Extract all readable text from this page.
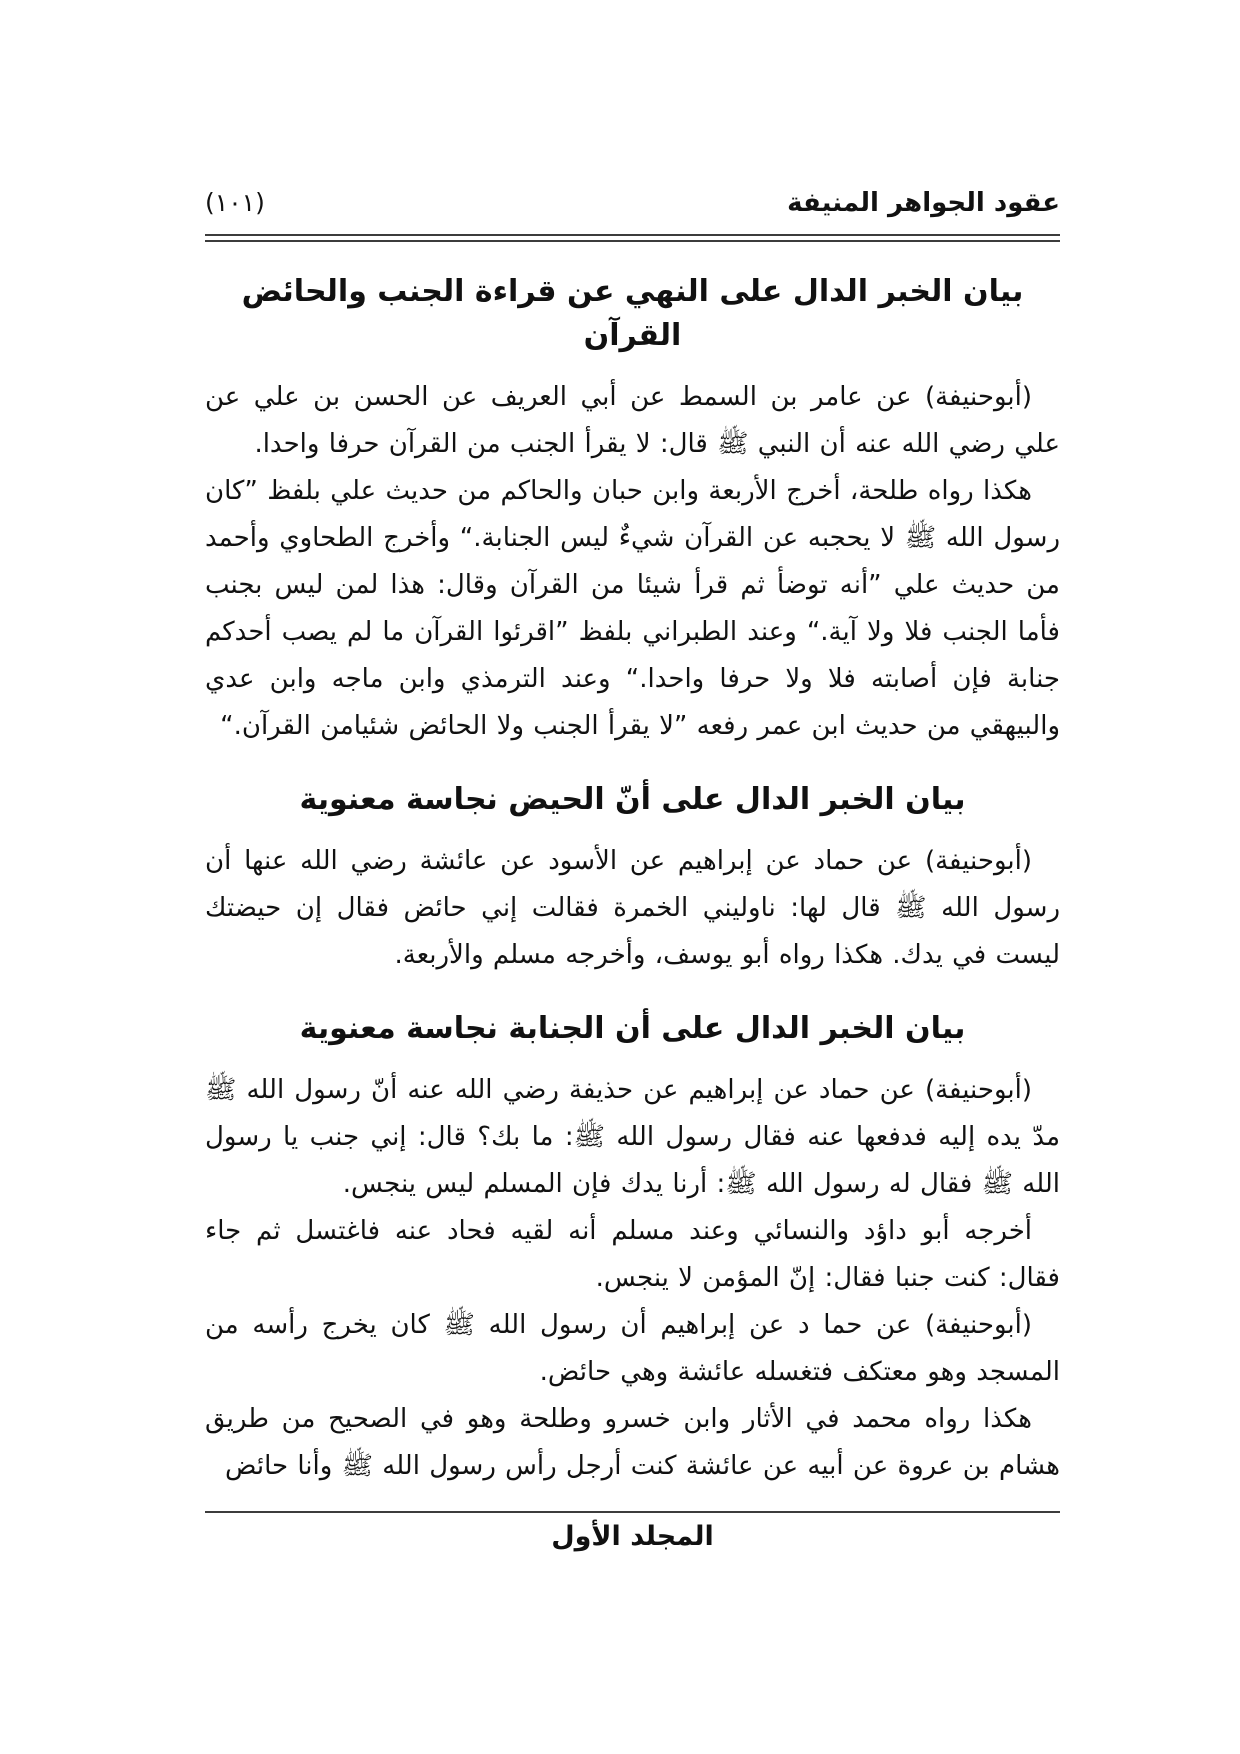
عقود الجواهر المنيفة
(١٠١)
بيان الخبر الدال على النهي عن قراءة الجنب والحائض القرآن

(أبوحنيفة) عن عامر بن السمط عن أبي العريف عن الحسن بن علي عن علي رضي الله عنه أن النبي ﷺ قال: لا يقرأ الجنب من القرآن حرفا واحدا.

هكذا رواه طلحة، أخرج الأربعة وابن حبان والحاكم من حديث علي بلفظ ”كان رسول الله ﷺ لا يحجبه عن القرآن شيءٌ ليس الجنابة.“ وأخرج الطحاوي وأحمد من حديث علي ”أنه توضأ ثم قرأ شيئا من القرآن وقال: هذا لمن ليس بجنب فأما الجنب فلا ولا آية.“ وعند الطبراني بلفظ ”اقرئوا القرآن ما لم يصب أحدكم جنابة فإن أصابته فلا ولا حرفا واحدا.“ وعند الترمذي وابن ماجه وابن عدي والبيهقي من حديث ابن عمر رفعه ”لا يقرأ الجنب ولا الحائض شئيامن القرآن.“

بيان الخبر الدال على أنّ الحيض نجاسة معنوية

(أبوحنيفة) عن حماد عن إبراهيم عن الأسود عن عائشة رضي الله عنها أن رسول الله ﷺ قال لها: ناوليني الخمرة فقالت إني حائض فقال إن حيضتك ليست في يدك. هكذا رواه أبو يوسف، وأخرجه مسلم والأربعة.

بيان الخبر الدال على أن الجنابة نجاسة معنوية

(أبوحنيفة) عن حماد عن إبراهيم عن حذيفة رضي الله عنه أنّ رسول الله ﷺ مدّ يده إليه فدفعها عنه فقال رسول الله ﷺ: ما بك؟ قال: إني جنب يا رسول الله ﷺ فقال له رسول الله ﷺ: أرنا يدك فإن المسلم ليس ينجس.

أخرجه أبو داؤد والنسائي وعند مسلم أنه لقيه فحاد عنه فاغتسل ثم جاء فقال: كنت جنبا فقال: إنّ المؤمن لا ينجس.

(أبوحنيفة) عن حما د عن إبراهيم أن رسول الله ﷺ كان يخرج رأسه من المسجد وهو معتكف فتغسله عائشة وهي حائض.

هكذا رواه محمد في الأثار وابن خسرو وطلحة وهو في الصحيح من طريق هشام بن عروة عن أبيه عن عائشة كنت أرجل رأس رسول الله ﷺ وأنا حائض

المجلد الأول
